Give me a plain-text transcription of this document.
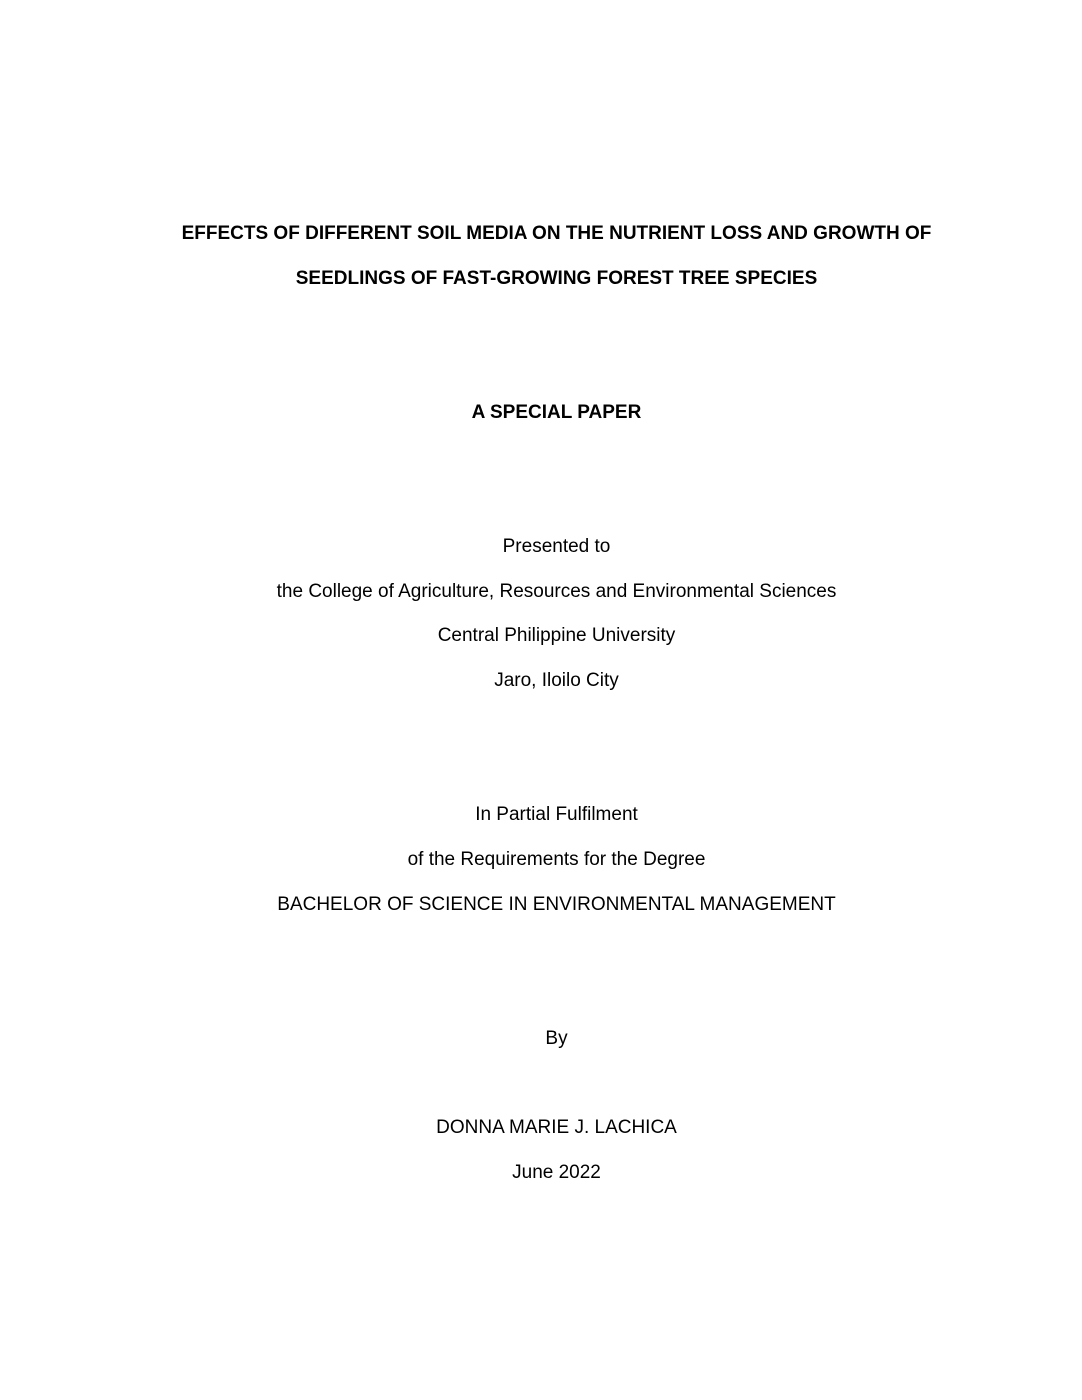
EFFECTS OF DIFFERENT SOIL MEDIA ON THE NUTRIENT LOSS AND GROWTH OF
SEEDLINGS OF FAST-GROWING FOREST TREE SPECIES
A SPECIAL PAPER
Presented to
the College of Agriculture, Resources and Environmental Sciences
Central Philippine University
Jaro, Iloilo City
In Partial Fulfilment
of the Requirements for the Degree
BACHELOR OF SCIENCE IN ENVIRONMENTAL MANAGEMENT
By
DONNA MARIE J. LACHICA
June 2022
